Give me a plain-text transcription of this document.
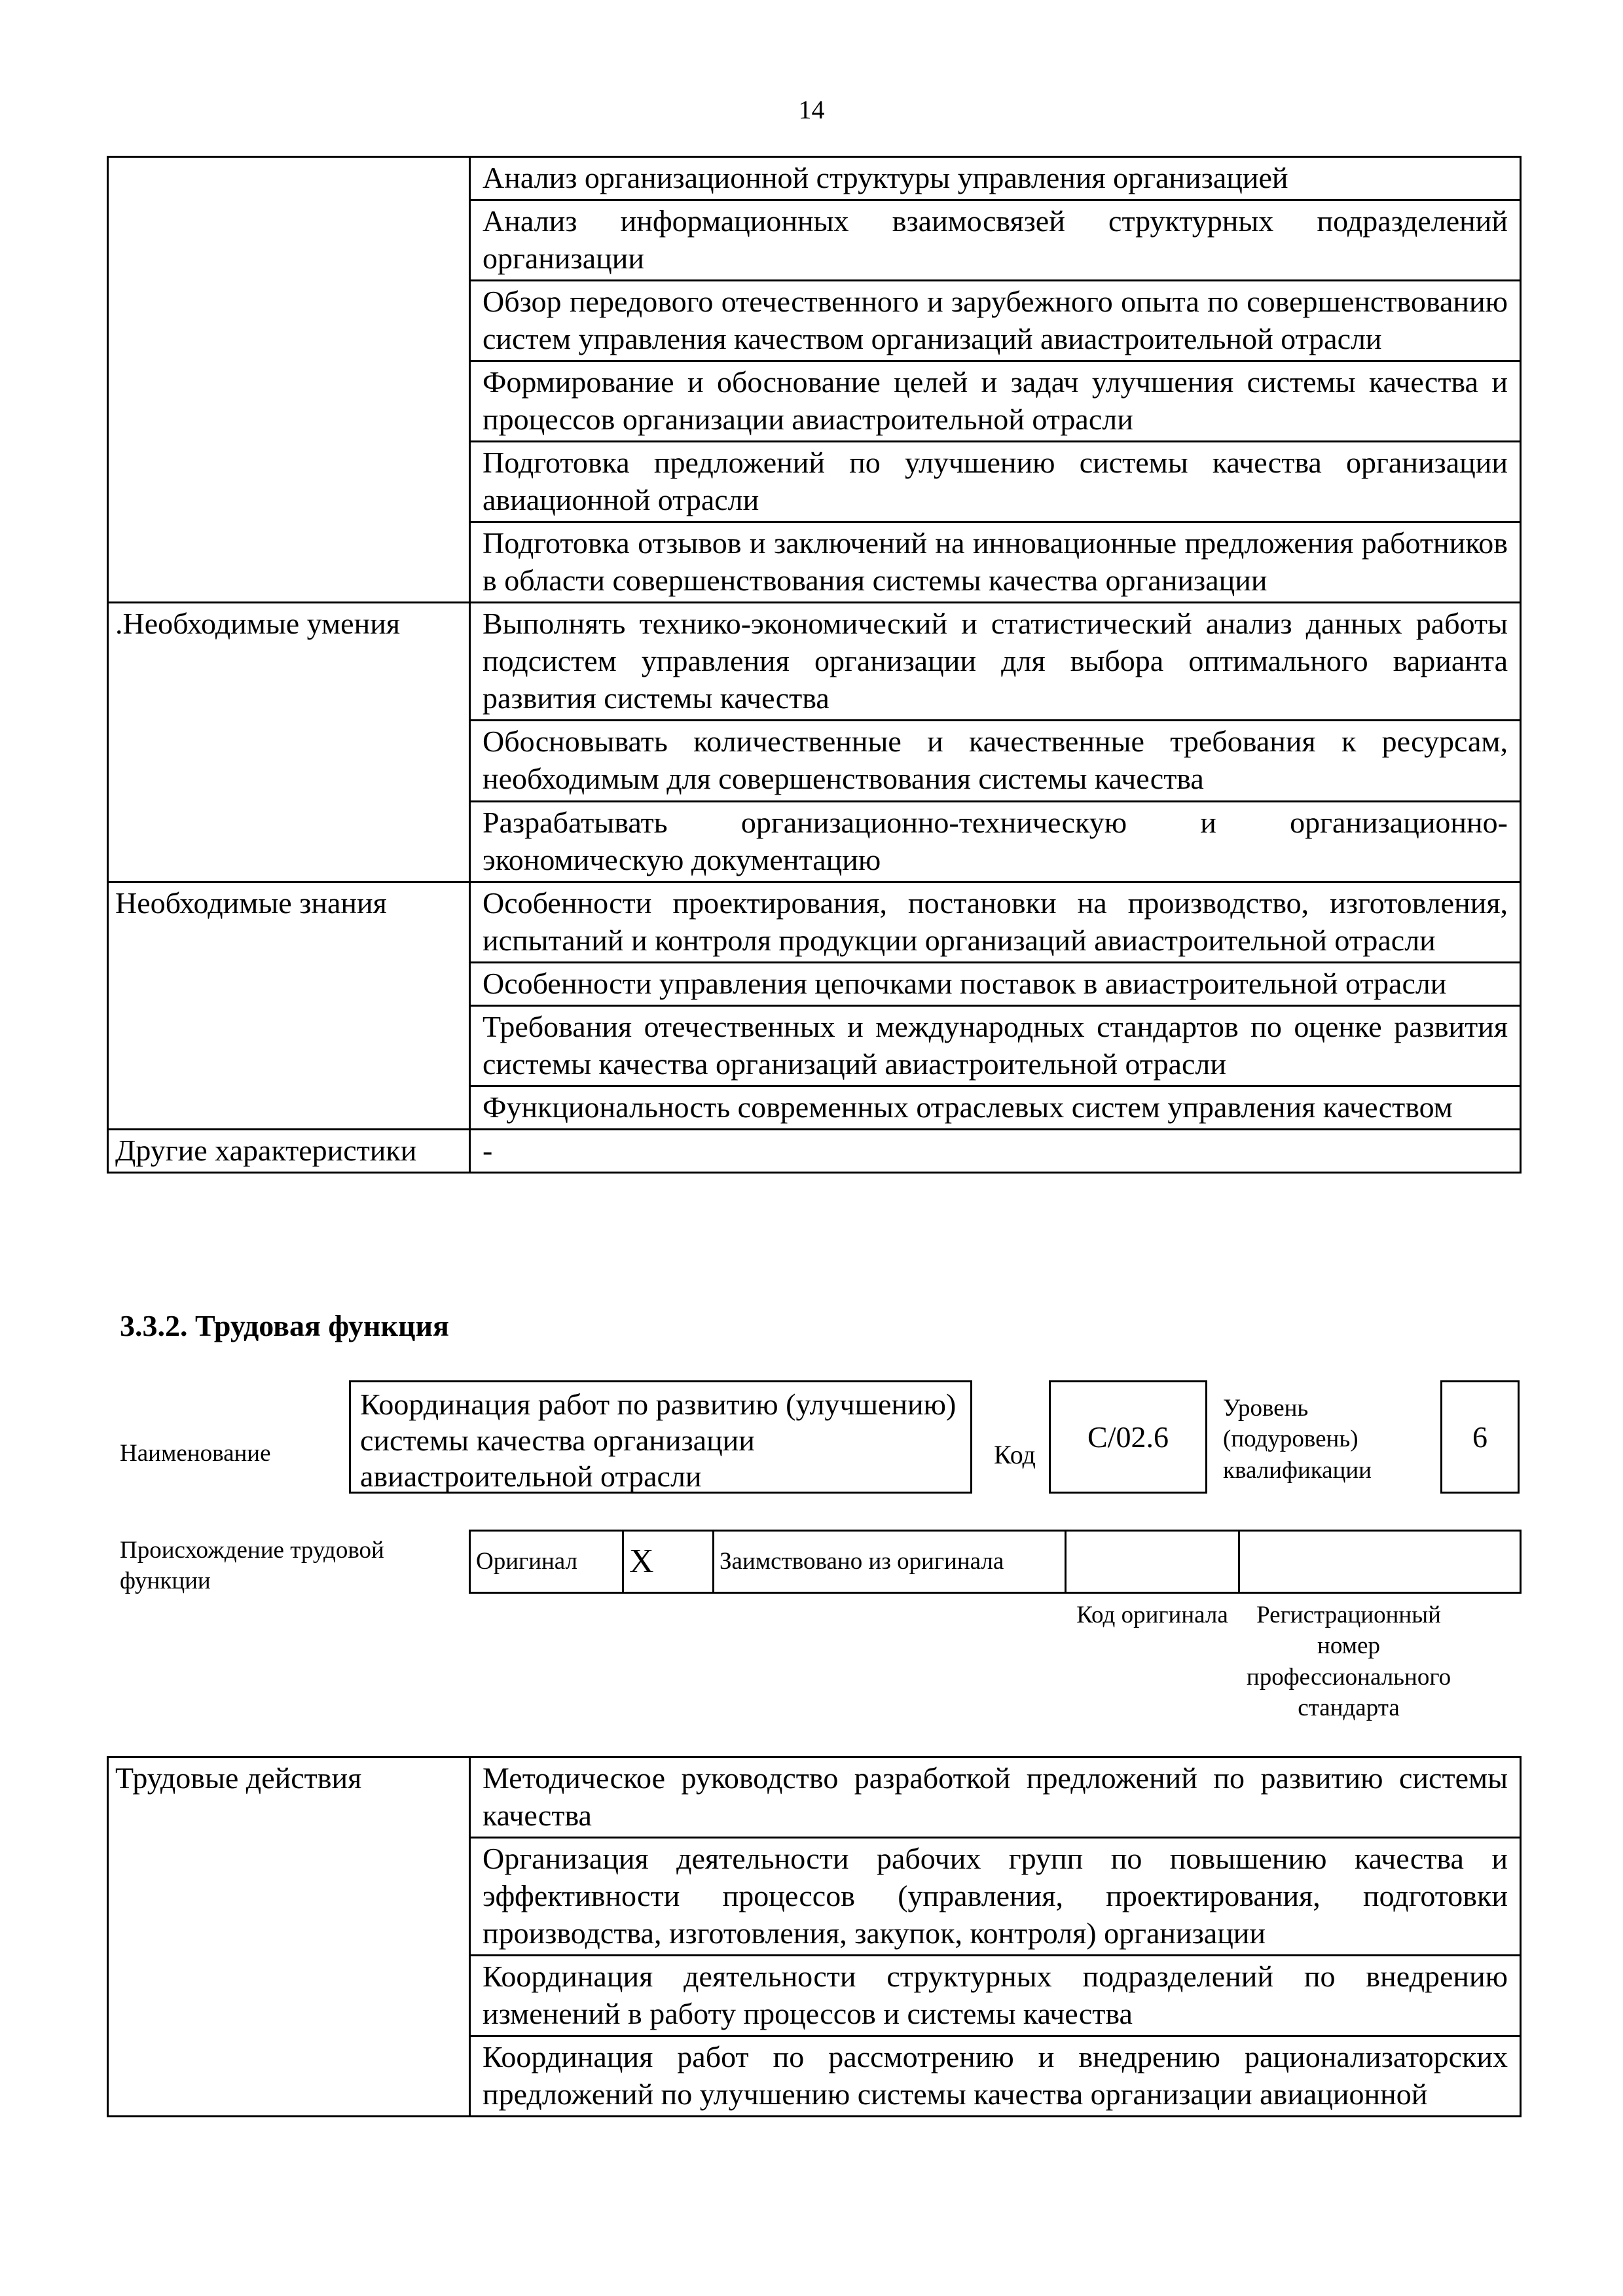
14
	Анализ организационной структуры управления организацией
	Анализ информационных взаимосвязей структурных подразделений организации
	Обзор передового отечественного и зарубежного опыта по совершенствованию систем управления качеством организаций авиастроительной отрасли
	Формирование и обоснование целей и задач улучшения системы качества и процессов организации авиастроительной отрасли
	Подготовка предложений по улучшению системы качества организации авиационной отрасли
	Подготовка отзывов и заключений на инновационные предложения работников в области совершенствования системы качества организации
.Необходимые умения	Выполнять технико-экономический и статистический анализ данных работы подсистем управления организации для выбора оптимального варианта развития системы качества
	Обосновывать количественные и качественные требования к ресурсам, необходимым для совершенствования системы качества
	Разрабатывать организационно-техническую и организационно-экономическую документацию
Необходимые знания	Особенности проектирования, постановки на производство, изготовления, испытаний и контроля продукции организаций авиастроительной отрасли
	Особенности управления цепочками поставок в авиастроительной отрасли
	Требования отечественных и международных стандартов по оценке развития системы качества организаций авиастроительной отрасли
	Функциональность современных отраслевых систем управления качеством
Другие характеристики	-
3.3.2. Трудовая функция
Наименование
Координация работ по развитию (улучшению) системы качества организации авиастроительной отрасли
Код
C/02.6
Уровень (подуровень) квалификации
6
Происхождение трудовой функции
Оригинал	X	Заимствовано из оригинала		
Код оригинала	Регистрационный номер профессионального стандарта
Трудовые действия	Методическое руководство разработкой предложений по развитию системы качества
Организация деятельности рабочих групп по повышению качества и эффективности процессов (управления, проектирования, подготовки производства, изготовления, закупок, контроля) организации
Координация деятельности структурных подразделений по внедрению изменений в работу процессов и системы качества
Координация работ по рассмотрению и внедрению рационализаторских предложений по улучшению системы качества организации авиационной
